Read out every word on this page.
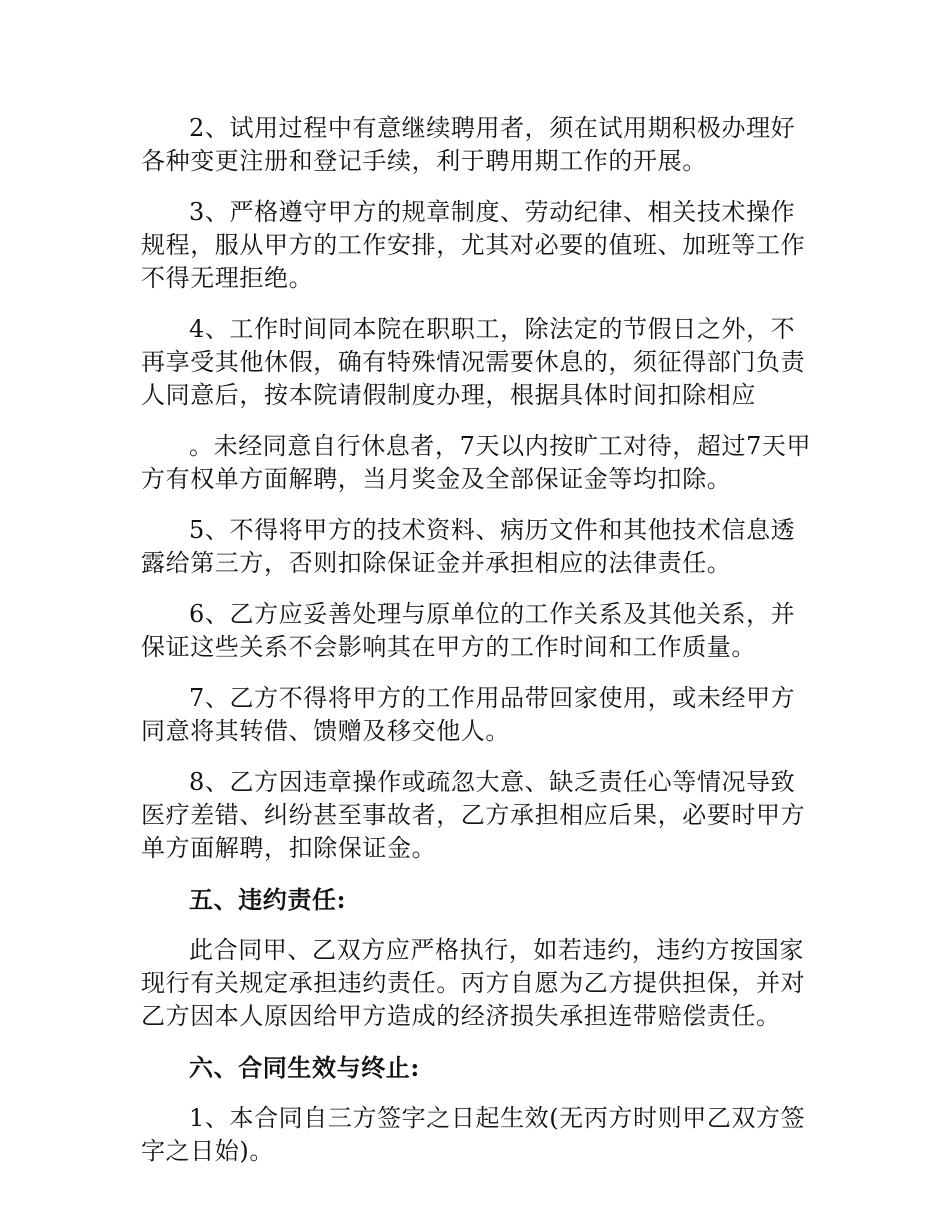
2、试用过程中有意继续聘用者，须在试用期积极办理好各种变更注册和登记手续，利于聘用期工作的开展。

3、严格遵守甲方的规章制度、劳动纪律、相关技术操作规程，服从甲方的工作安排，尤其对必要的值班、加班等工作不得无理拒绝。

4、工作时间同本院在职职工，除法定的节假日之外，不再享受其他休假，确有特殊情况需要休息的，须征得部门负责人同意后，按本院请假制度办理，根据具体时间扣除相应

。未经同意自行休息者，7天以内按旷工对待，超过7天甲方有权单方面解聘，当月奖金及全部保证金等均扣除。

5、不得将甲方的技术资料、病历文件和其他技术信息透露给第三方，否则扣除保证金并承担相应的法律责任。

6、乙方应妥善处理与原单位的工作关系及其他关系，并保证这些关系不会影响其在甲方的工作时间和工作质量。

7、乙方不得将甲方的工作用品带回家使用，或未经甲方同意将其转借、馈赠及移交他人。

8、乙方因违章操作或疏忽大意、缺乏责任心等情况导致医疗差错、纠纷甚至事故者，乙方承担相应后果，必要时甲方单方面解聘，扣除保证金。

五、违约责任:

此合同甲、乙双方应严格执行，如若违约，违约方按国家现行有关规定承担违约责任。丙方自愿为乙方提供担保，并对乙方因本人原因给甲方造成的经济损失承担连带赔偿责任。

六、合同生效与终止:

1、本合同自三方签字之日起生效(无丙方时则甲乙双方签字之日始)。
